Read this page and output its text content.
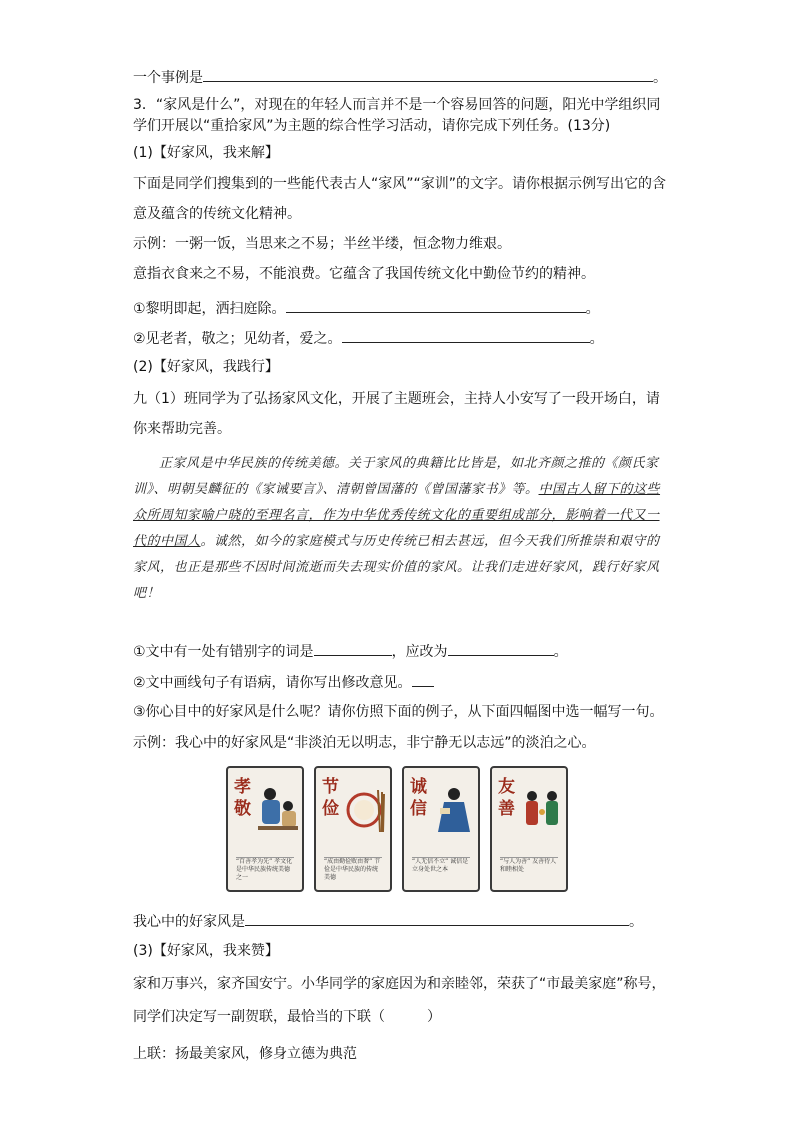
一个事例是	。
3．“家风是什么”，对现在的年轻人而言并不是一个容易回答的问题，阳光中学组织同
学们开展以“重拾家风”为主题的综合性学习活动，请你完成下列任务。(13分)
(1)【好家风，我来解】
下面是同学们搜集到的一些能代表古人“家风”“家训”的文字。请你根据示例写出它的含
意及蕴含的传统文化精神。
示例：一粥一饭，当思来之不易；半丝半缕，恒念物力维艰。
意指衣食来之不易，不能浪费。它蕴含了我国传统文化中勤俭节约的精神。
①黎明即起，洒扫庭除。	。
②见老者，敬之；见幼者，爱之。	。
(2)【好家风，我践行】
九（1）班同学为了弘扬家风文化，开展了主题班会，主持人小安写了一段开场白，请
你来帮助完善。
正家风是中华民族的传统美德。关于家风的典籍比比皆是，如北齐颜之推的《颜氏家训》、明朝吴麟征的《家诫要言》、清朝曾国藩的《曾国藩家书》等。中国古人留下的这些众所周知家喻户晓的至理名言，作为中华优秀传统文化的重要组成部分，影响着一代又一代的中国人。诚然，如今的家庭模式与历史传统已相去甚远，但今天我们所推崇和艰守的家风，也正是那些不因时间流逝而失去现实价值的家风。让我们走进好家风，践行好家风吧！
①文中有一处有错别字的词是	，应改为	。
②文中画线句子有语病，请你写出修改意见。
③你心目中的好家风是什么呢？请你仿照下面的例子，从下面四幅图中选一幅写一句。
示例：我心中的好家风是“非淡泊无以明志，非宁静无以志远”的淡泊之心。
孝敬
“百善孝为先” 孝文化是中华民族传统美德之一
节俭
“成由勤俭败由奢” 节俭是中华民族的传统美德
诚信
“人无信不立” 诚信是立身处世之本
友善
“与人为善” 友善待人和睦相处
我心中的好家风是	。
(3)【好家风，我来赞】
家和万事兴，家齐国安宁。小华同学的家庭因为和亲睦邻，荣获了“市最美家庭”称号，
同学们决定写一副贺联，最恰当的下联（　　　）
上联：扬最美家风，修身立德为典范
